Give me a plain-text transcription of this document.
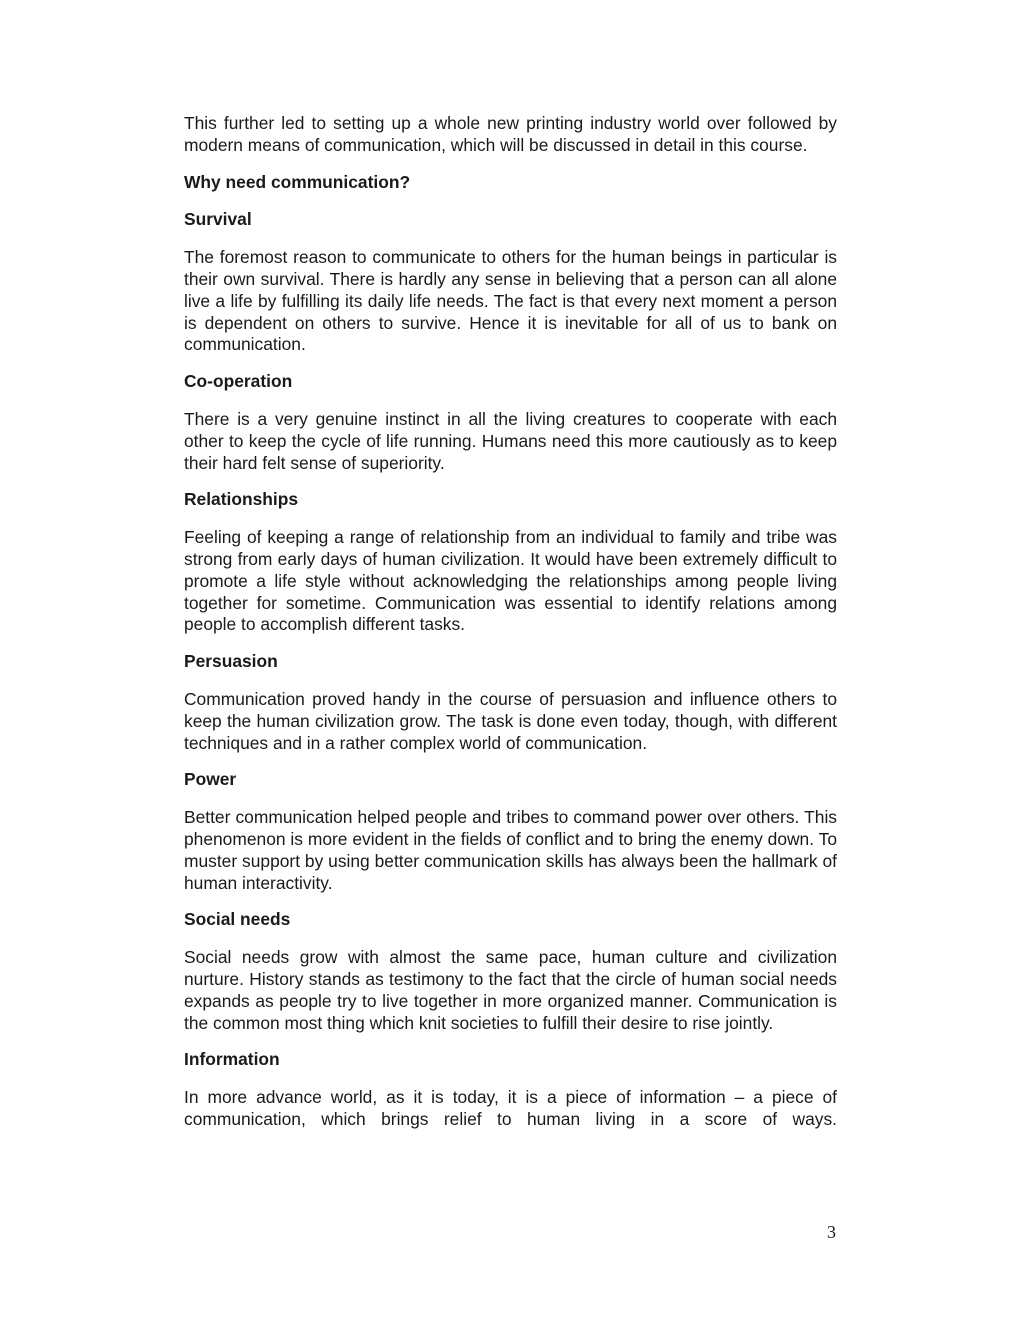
This further led to setting up a whole new printing industry world over followed by modern means of communication, which will be discussed in detail in this course.

Why need communication?
Survival

The foremost reason to communicate to others for the human beings in particular is their own survival. There is hardly any sense in believing that a person can all alone live a life by fulfilling its daily life needs. The fact is that every next moment a person is dependent on others to survive. Hence it is inevitable for all of us to bank on communication.

Co-operation

There is a very genuine instinct in all the living creatures to cooperate with each other to keep the cycle of life running. Humans need this more cautiously as to keep their hard felt sense of superiority.

Relationships

Feeling of keeping a range of relationship from an individual to family and tribe was strong from early days of human civilization. It would have been extremely difficult to promote a life style without acknowledging the relationships among people living together for sometime. Communication was essential to identify relations among people to accomplish different tasks.

Persuasion

Communication proved handy in the course of persuasion and influence others to keep the human civilization grow. The task is done even today, though, with different techniques and in a rather complex world of communication.

Power

Better communication helped people and tribes to command power over others. This phenomenon is more evident in the fields of conflict and to bring the enemy down. To muster support by using better communication skills has always been the hallmark of human interactivity.

Social needs

Social needs grow with almost the same pace, human culture and civilization nurture. History stands as testimony to the fact that the circle of human social needs expands as people try to live together in more organized manner. Communication is the common most thing which knit societies to fulfill their desire to rise jointly.

Information

In more advance world, as it is today, it is a piece of information – a piece of communication, which brings relief to human living in a score of ways.

3
